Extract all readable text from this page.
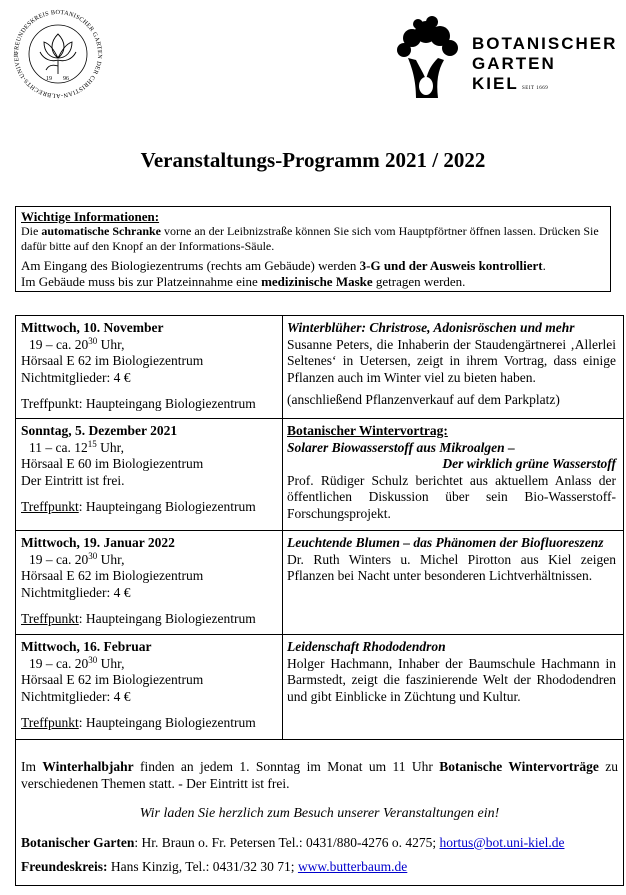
FREUNDESKREIS BOTANISCHER GARTEN DER CHRISTIAN-ALBRECHTS-UNIVER
19 96
BOTANISCHER
GARTEN
KIEL SEIT 1669
Veranstaltungs-Programm 2021 / 2022
Wichtige Informationen:

Die automatische Schranke vorne an der Leibnizstraße können Sie sich vom Hauptpförtner öffnen lassen. Drücken Sie dafür bitte auf den Knopf an der Informations-Säule.

Am Eingang des Biologiezentrums (rechts am Gebäude) werden 3-G und der Ausweis kontrolliert.
Im Gebäude muss bis zur Platzeinnahme eine medizinische Maske getragen werden.

Mittwoch, 10. November
19 – ca. $20^{30}$ Uhr,
Hörsaal E 62 im Biologiezentrum
Nichtmitglieder: 4 €
Treffpunkt: Haupteingang Biologiezentrum
Winterblüher: Christrose, Adonisröschen und mehr
Susanne Peters, die Inhaberin der Staudengärtnerei ‚Allerlei Seltenes‘ in Uetersen, zeigt in ihrem Vortrag, dass einige Pflanzen auch im Winter viel zu bieten haben.
(anschließend Pflanzenverkauf auf dem Parkplatz)
Sonntag, 5. Dezember 2021
11 – ca. $12^{15}$ Uhr,
Hörsaal E 60 im Biologiezentrum
Der Eintritt ist frei.
Treffpunkt: Haupteingang Biologiezentrum
Botanischer Wintervortrag:
Solarer Biowasserstoff aus Mikroalgen –
Der wirklich grüne Wasserstoff
Prof. Rüdiger Schulz berichtet aus aktuellem Anlass der öffentlichen Diskussion über sein Bio-Wasserstoff-Forschungsprojekt.
Mittwoch, 19. Januar 2022
19 – ca. $20^{30}$ Uhr,
Hörsaal E 62 im Biologiezentrum
Nichtmitglieder: 4 €
Treffpunkt: Haupteingang Biologiezentrum
Leuchtende Blumen – das Phänomen der Biofluoreszenz
Dr. Ruth Winters u. Michel Pirotton aus Kiel zeigen Pflanzen bei Nacht unter besonderen Lichtverhältnissen.
Mittwoch, 16. Februar
19 – ca. $20^{30}$ Uhr,
Hörsaal E 62 im Biologiezentrum
Nichtmitglieder: 4 €
Treffpunkt: Haupteingang Biologiezentrum
Leidenschaft Rhododendron
Holger Hachmann, Inhaber der Baumschule Hachmann in Barmstedt, zeigt die faszinierende Welt der Rhododendren und gibt Einblicke in Züchtung und Kultur.

Im Winterhalbjahr finden an jedem 1. Sonntag im Monat um 11 Uhr Botanische Wintervorträge zu verschiedenen Themen statt. - Der Eintritt ist frei.

Wir laden Sie herzlich zum Besuch unserer Veranstaltungen ein!

Botanischer Garten: Hr. Braun o. Fr. Petersen Tel.: 0431/880-4276 o. 4275; hortus@bot.uni-kiel.de

Freundeskreis: Hans Kinzig, Tel.: 0431/32 30 71; www.butterbaum.de
